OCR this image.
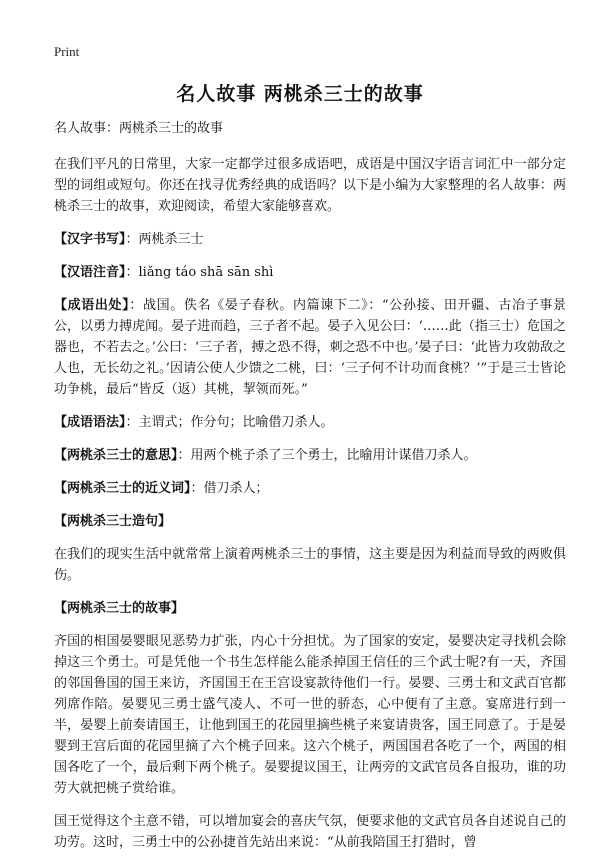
Print
名人故事 两桃杀三士的故事

名人故事：两桃杀三士的故事

在我们平凡的日常里，大家一定都学过很多成语吧，成语是中国汉字语言词汇中一部分定型的词组或短句。你还在找寻优秀经典的成语吗？以下是小编为大家整理的名人故事：两桃杀三士的故事，欢迎阅读，希望大家能够喜欢。

【汉字书写】：两桃杀三士

【汉语注音】：liǎng táo shā sān shì

【成语出处】：战国。佚名《晏子春秋。内篇谏下二》：“公孙接、田开疆、古冶子事景公，以勇力搏虎闻。晏子进而趋，三子者不起。晏子入见公曰：‘……此（指三士）危国之器也，不若去之。’公曰：‘三子者，搏之恐不得，刺之恐不中也。’晏子曰：‘此皆力攻勍敌之人也，无长幼之礼。’因请公使人少馈之二桃，曰：‘三子何不计功而食桃？’”于是三士皆论功争桃，最后“皆反（返）其桃，挈领而死。”

【成语语法】：主谓式；作分句；比喻借刀杀人。

【两桃杀三士的意思】：用两个桃子杀了三个勇士，比喻用计谋借刀杀人。

【两桃杀三士的近义词】：借刀杀人；

【两桃杀三士造句】

在我们的现实生活中就常常上演着两桃杀三士的事情，这主要是因为利益而导致的两败俱伤。

【两桃杀三士的故事】

齐国的相国晏婴眼见恶势力扩张，内心十分担忧。为了国家的安定，晏婴决定寻找机会除掉这三个勇士。可是凭他一个书生怎样能么能杀掉国王信任的三个武士呢?有一天，齐国的邻国鲁国的国王来访，齐国国王在王宫设宴款待他们一行。晏婴、三勇士和文武百官都列席作陪。晏婴见三勇士盛气凌人、不可一世的骄态，心中便有了主意。宴席进行到一半，晏婴上前奏请国王，让他到国王的花园里摘些桃子来宴请贵客，国王同意了。于是晏婴到王宫后面的花园里摘了六个桃子回来。这六个桃子，两国国君各吃了一个，两国的相国各吃了一个，最后剩下两个桃子。晏婴提议国王，让两旁的文武官员各自报功，谁的功劳大就把桃子赏给谁。

国王觉得这个主意不错，可以增加宴会的喜庆气氛，便要求他的文武官员各自述说自己的功劳。这时，三勇士中的公孙捷首先站出来说：“从前我陪国王打猎时，曾
